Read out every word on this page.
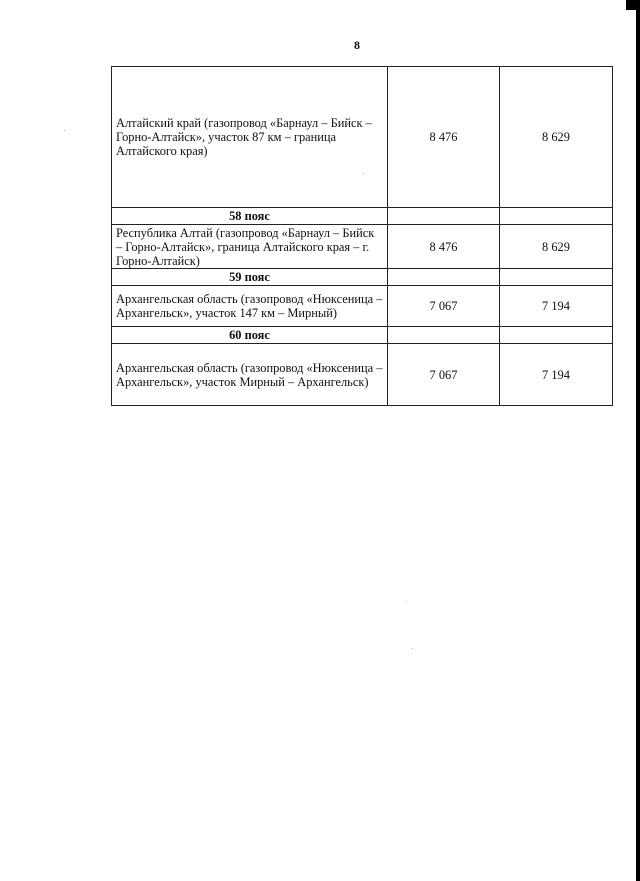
8
Алтайский край (газопровод «Барнаул – Бийск – Горно-Алтайск», участок 87 км – граница Алтайского края)	8 476	8 629
58 пояс		
Республика Алтай (газопровод «Барнаул – Бийск – Горно-Алтайск», граница Алтайского края – г. Горно-Алтайск)	8 476	8 629
59 пояс		
Архангельская область (газопровод «Нюксеница – Архангельск», участок 147 км – Мирный)	7 067	7 194
60 пояс		
Архангельская область (газопровод «Нюксеница – Архангельск», участок Мирный – Архангельск)	7 067	7 194
